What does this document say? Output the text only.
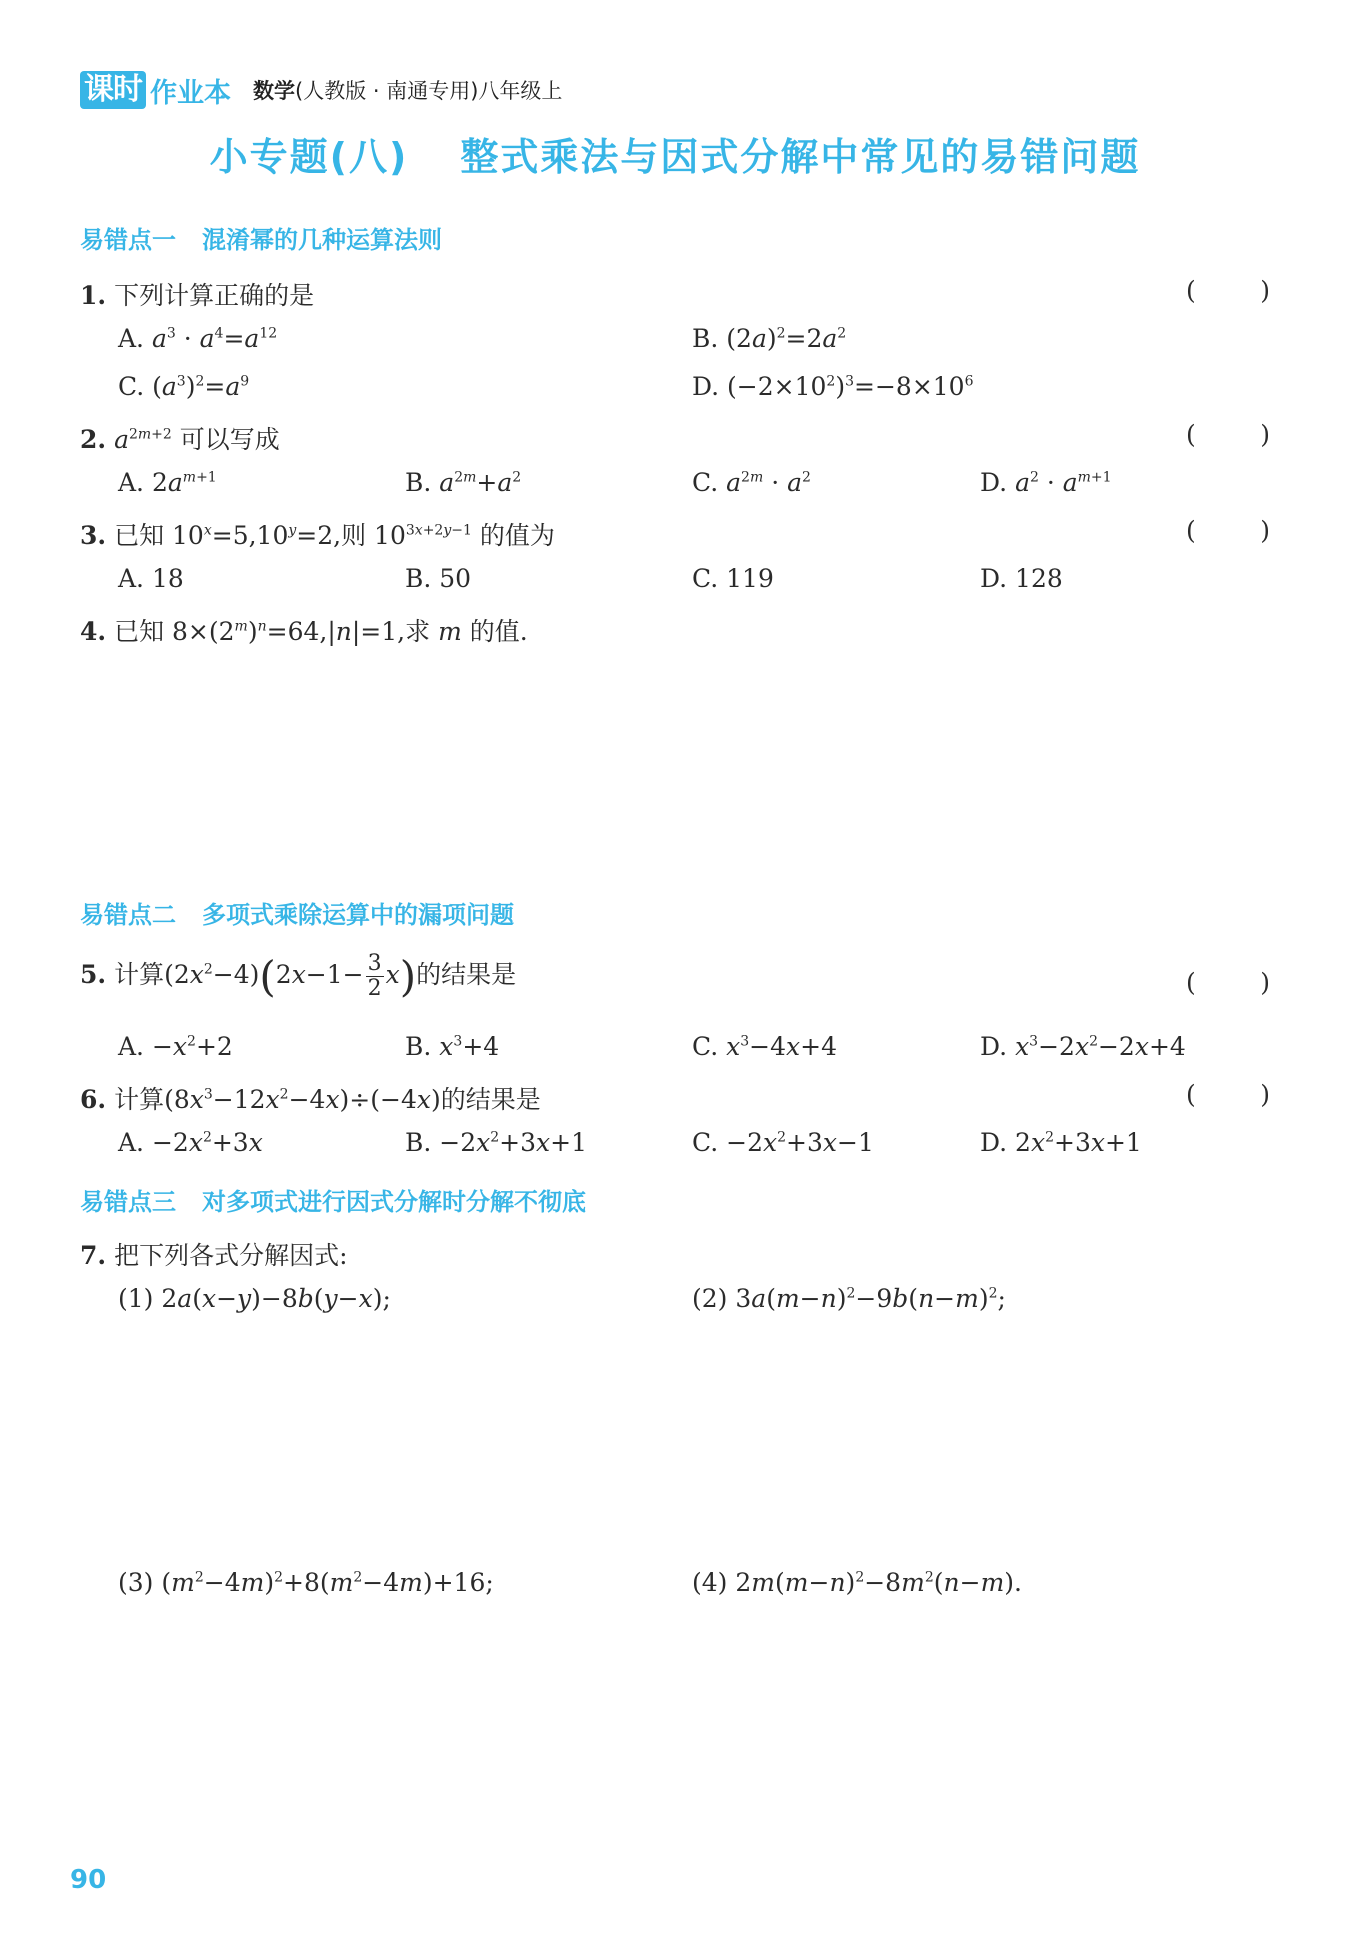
课时 作业本 数学(人教版 · 南通专用)八年级上
小专题(八) 整式乘法与因式分解中常见的易错问题
易错点一 混淆幂的几种运算法则
1. 下列计算正确的是	(	)
A. $a^3 \cdot a^4=a^{12}$	B. $(2a)^2=2a^2$
C. $(a^3)^2=a^9$	D. $(-2\times 10^2)^3=-8\times 10^6$
2. $a^{2m+2}$ 可以写成	(	)
A. $2a^{m+1}$	B. $a^{2m}+a^2$	C. $a^{2m} \cdot a^2$	D. $a^2 \cdot a^{m+1}$
3. 已知 $10^x=5,10^y=2$,则 $10^{3x+2y-1}$ 的值为	(	)
A. 18	B. 50	C. 119	D. 128
4. 已知 $8\times(2^m)^n=64,|n|=1$,求 m 的值.
易错点二 多项式乘除运算中的漏项问题
5. 计算$(2x^2-4)(2x-1- \frac{3}{2} x)$的结果是	(	)
A. $-x^2+2$	B. $x^3+4$	C. $x^3-4x+4$	D. $x^3-2x^2-2x+4$
6. 计算$(8x^3-12x^2-4x)\div(-4x)$的结果是	(	)
A. $-2x^2+3x$	B. $-2x^2+3x+1$	C. $-2x^2+3x-1$	D. $2x^2+3x+1$
易错点三 对多项式进行因式分解时分解不彻底
7. 把下列各式分解因式:
(1) 2a(x−y)−8b(y−x);	(2) $3a(m-n)^2-9b(n-m)^2$;
(3) $(m^2-4m)^2+8(m^2-4m)+16$;	(4) $2m(m-n)^2-8m^2(n-m)$.
90
